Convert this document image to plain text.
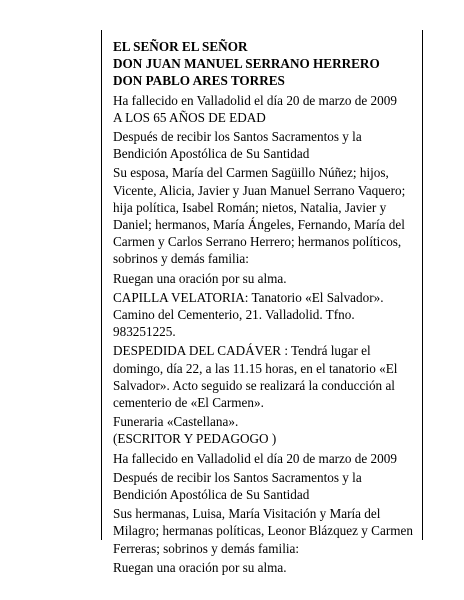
EL SEÑOR EL SEÑOR

DON JUAN MANUEL SERRANO HERRERO

DON PABLO ARES TORRES

Ha fallecido en Valladolid el día 20 de marzo de 2009

A LOS 65 AÑOS DE EDAD

Después de recibir los Santos Sacramentos y la Bendición Apostólica de Su Santidad

Su esposa, María del Carmen Sagüillo Núñez; hijos, Vicente, Alicia, Javier y Juan Manuel Serrano Vaquero; hija política, Isabel Román; nietos, Natalia, Javier y Daniel; hermanos, María Ángeles, Fernando, María del Carmen y Carlos Serrano Herrero; hermanos políticos, sobrinos y demás familia:

Ruegan una oración por su alma.

CAPILLA VELATORIA: Tanatorio «El Salvador». Camino del Cementerio, 21. Valladolid. Tfno. 983251225.

DESPEDIDA DEL CADÁVER : Tendrá lugar el domingo, día 22, a las 11.15 horas, en el tanatorio «El Salvador». Acto seguido se realizará la conducción al cementerio de «El Carmen».

Funeraria «Castellana».

(ESCRITOR Y PEDAGOGO )

Ha fallecido en Valladolid el día 20 de marzo de 2009

Después de recibir los Santos Sacramentos y la Bendición Apostólica de Su Santidad

Sus hermanas, Luisa, María Visitación y María del Milagro; hermanas políticas, Leonor Blázquez y Carmen Ferreras; sobrinos y demás familia:

Ruegan una oración por su alma.
